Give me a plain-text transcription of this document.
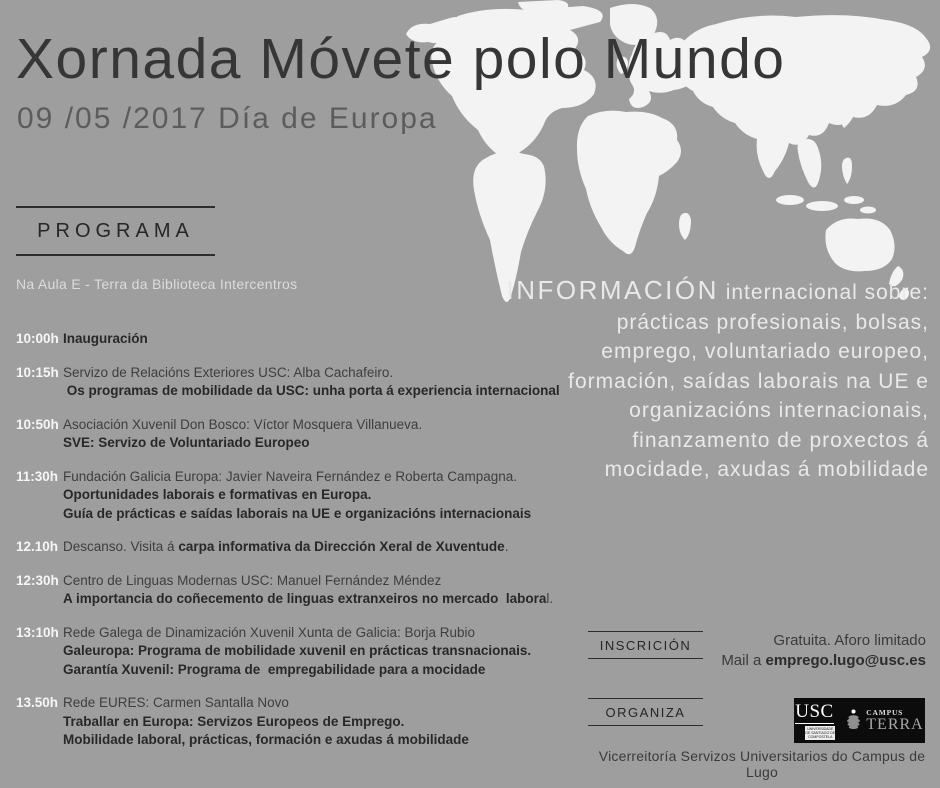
Xornada Móvete polo Mundo
09 /05 /2017 Día de Europa
PROGRAMA
Na Aula E - Terra da Biblioteca Intercentros
10:00h Inauguración
10:15h Servizo de Relacións Exteriores USC: Alba Cachafeiro.
Os programas de mobilidade da USC: unha porta á experiencia internacional
10:50h Asociación Xuvenil Don Bosco: Víctor Mosquera Villanueva.
SVE: Servizo de Voluntariado Europeo
11:30h Fundación Galicia Europa: Javier Naveira Fernández e Roberta Campagna.
Oportunidades laborais e formativas en Europa.
Guía de prácticas e saídas laborais na UE e organizacións internacionais
12.10h Descanso. Visita á carpa informativa da Dirección Xeral de Xuventude.
12:30h Centro de Linguas Modernas USC: Manuel Fernández Méndez
A importancia do coñecemento de linguas extranxeiros no mercado  laboral.
13:10h Rede Galega de Dinamización Xuvenil Xunta de Galicia: Borja Rubio
Galeuropa: Programa de mobilidade xuvenil en prácticas transnacionais.
Garantía Xuvenil: Programa de  empregabilidade para a mocidade
13.50h Rede EURES: Carmen Santalla Novo
Traballar en Europa: Servizos Europeos de Emprego.
Mobilidade laboral, prácticas, formación e axudas á mobilidade
INFORMACIÓN internacional sobre:
prácticas profesionais, bolsas,
emprego, voluntariado europeo,
formación, saídas laborais na UE e
organizacións internacionais,
finanzamento de proxectos á
mocidade, axudas á mobilidade
INSCRICIÓN	Gratuita. Aforo limitado
Mail a emprego.lugo@usc.es
ORGANIZA	USC
UNIVERSIDADE DE SANTIAGO DE COMPOSTELA
CAMPUS
TERRA
Vicerreitoría Servizos Universitarios do Campus de Lugo
